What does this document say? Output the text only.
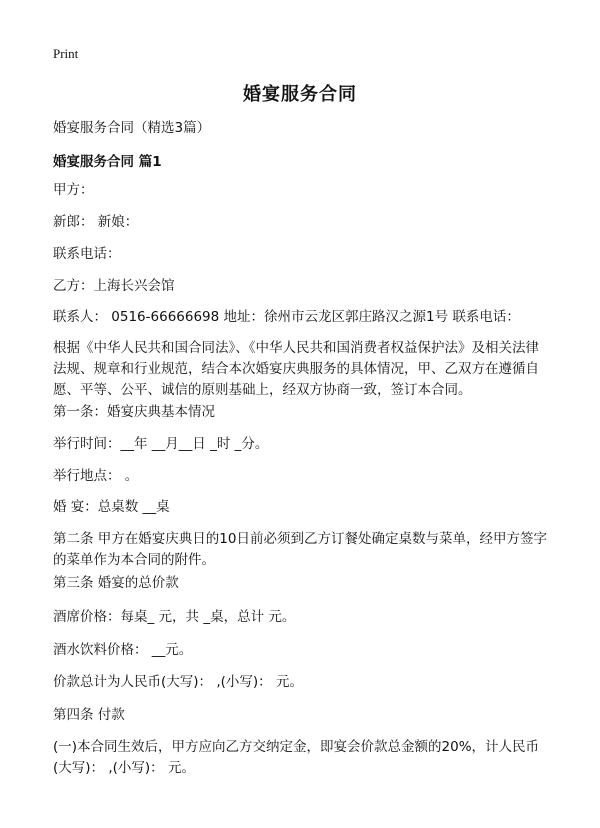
Print
婚宴服务合同

婚宴服务合同（精选3篇）

婚宴服务合同 篇1

甲方：

新郎： 新娘：

联系电话：

乙方：上海长兴会馆

联系人： 0516-66666698 地址：徐州市云龙区郭庄路汉之源1号 联系电话：

根据《中华人民共和国合同法》、《中华人民共和国消费者权益保护法》及相关法律法规、规章和行业规范，结合本次婚宴庆典服务的具体情况，甲、乙双方在遵循自愿、平等、公平、诚信的原则基础上，经双方协商一致，签订本合同。

第一条：婚宴庆典基本情况

举行时间：__年 __月__日 _时 _分。

举行地点： 。

婚 宴：总桌数 __桌

第二条 甲方在婚宴庆典日的10日前必须到乙方订餐处确定桌数与菜单，经甲方签字的菜单作为本合同的附件。

第三条 婚宴的总价款

酒席价格：每桌_ 元，共 _桌，总计 元。

酒水饮料价格： __元。

价款总计为人民币(大写)： ,(小写)： 元。

第四条 付款

(一)本合同生效后，甲方应向乙方交纳定金，即宴会价款总金额的20%，计人民币(大写)： ,(小写)： 元。
